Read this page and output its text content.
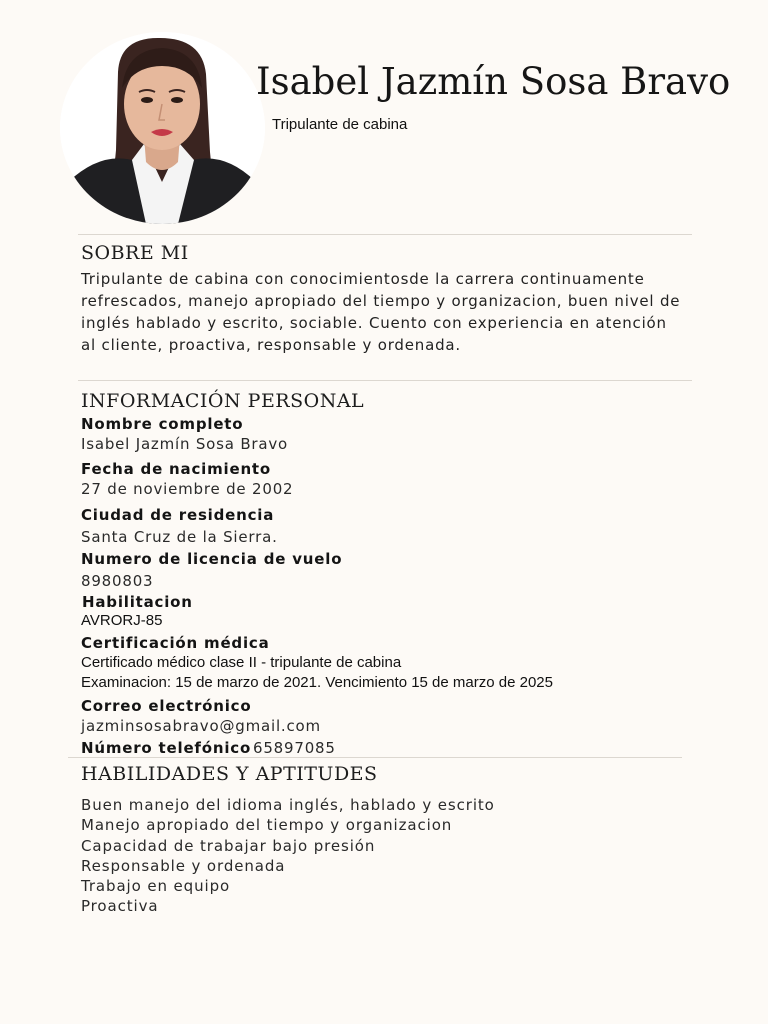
Isabel Jazmín Sosa Bravo
Tripulante de cabina
SOBRE MI
Tripulante de cabina con conocimientosde la carrera continuamente refrescados, manejo apropiado del tiempo y organizacion, buen nivel de inglés hablado y escrito, sociable. Cuento con experiencia en atención al cliente, proactiva, responsable y ordenada.
INFORMACIÓN PERSONAL
Nombre completo
Isabel Jazmín Sosa Bravo
Fecha de nacimiento
27 de noviembre de 2002
Ciudad de residencia
Santa Cruz de la Sierra.
Numero de licencia de vuelo
8980803
Habilitacion
AVRORJ-85
Certificación médica
Certificado médico clase II - tripulante de cabina
Examinacion: 15 de marzo de 2021. Vencimiento 15 de marzo de 2025
Correo electrónico
jazminsosabravo@gmail.com
Número telefónico 65897085
HABILIDADES Y APTITUDES
Buen manejo del idioma inglés, hablado y escrito
Manejo apropiado del tiempo y organizacion
Capacidad de trabajar bajo presión
Responsable y ordenada
Trabajo en equipo
Proactiva
